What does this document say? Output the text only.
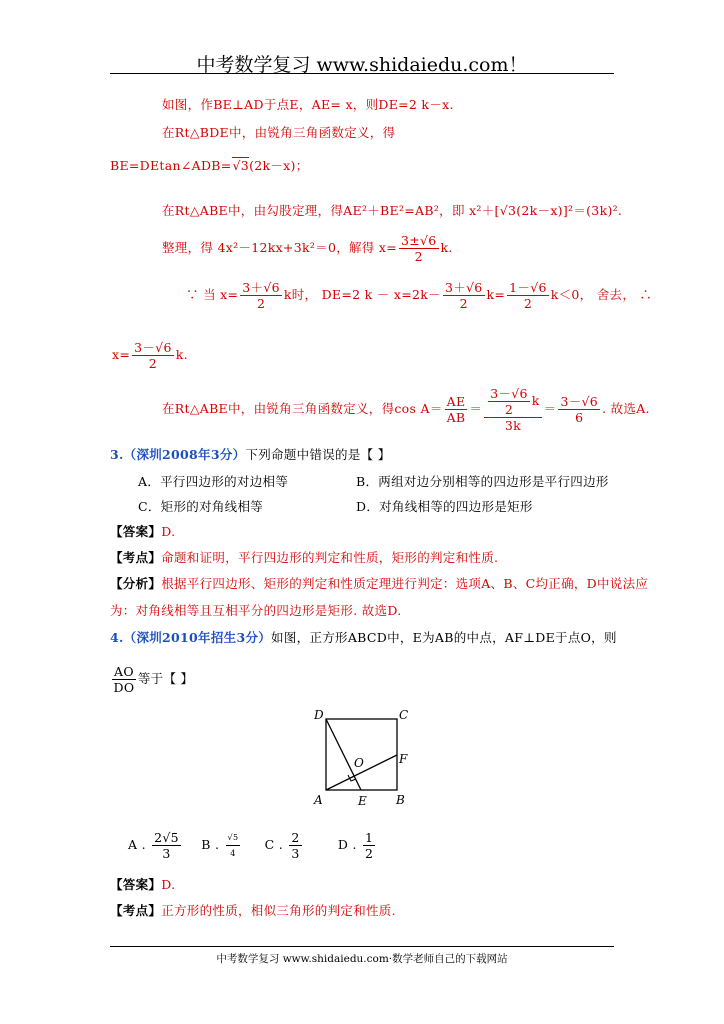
中考数学复习 www.shidaiedu.com！
如图，作BE⊥AD于点E，AE= x，则DE=2 k－x.
在Rt△BDE中，由锐角三角函数定义，得
BE=DEtan∠ADB=√3(2k－x)；
在Rt△ABE中，由勾股定理，得AE²＋BE²=AB²，即 x²＋[√3(2k－x)]²＝(3k)².
整理，得 4x²－12kx+3k²＝0，解得 $x= \frac{3\pm√6}{2} k$.
∵ 当 $x= \frac{3+√6}{2}$ k时， DE=2 $k - x=2k- \frac{3+√6}{2} k= \frac{1-√6}{2} k<0$， 舍去， ∴
$x= \frac{3-√6}{2} k$.
在Rt△ABE中，由锐角三角函数定义，得$\cos A= \frac{AE}{AB} = \frac{\frac{3-√6}{2} k}{3k} = \frac{3-√6}{6}$ . 故选A.
3.（深圳2008年3分）下列命题中错误的是【 】
A．平行四边形的对边相等	B．两组对边分别相等的四边形是平行四边形
C．矩形的对角线相等	D．对角线相等的四边形是矩形
【答案】D.
【考点】命题和证明，平行四边形的判定和性质，矩形的判定和性质.
【分析】根据平行四边形、矩形的判定和性质定理进行判定：选项A、B、C均正确，D中说法应
为：对角线相等且互相平分的四边形是矩形. 故选D.
4.（深圳2010年招生3分）如图，正方形ABCD中，E为AB的中点，AF⊥DE于点O，则
$\frac{AO}{DO}$ 等于【 】
D	C
F
O
A	E B
A . $\frac{2√5}{3}$ B . $\frac{√5}{4}$ C . $\frac{2}{3}$	D . $\frac{1}{2}$
【答案】D.
【考点】正方形的性质，相似三角形的判定和性质.
中考数学复习 www.shidaiedu.com·数学老师自己的下载网站
